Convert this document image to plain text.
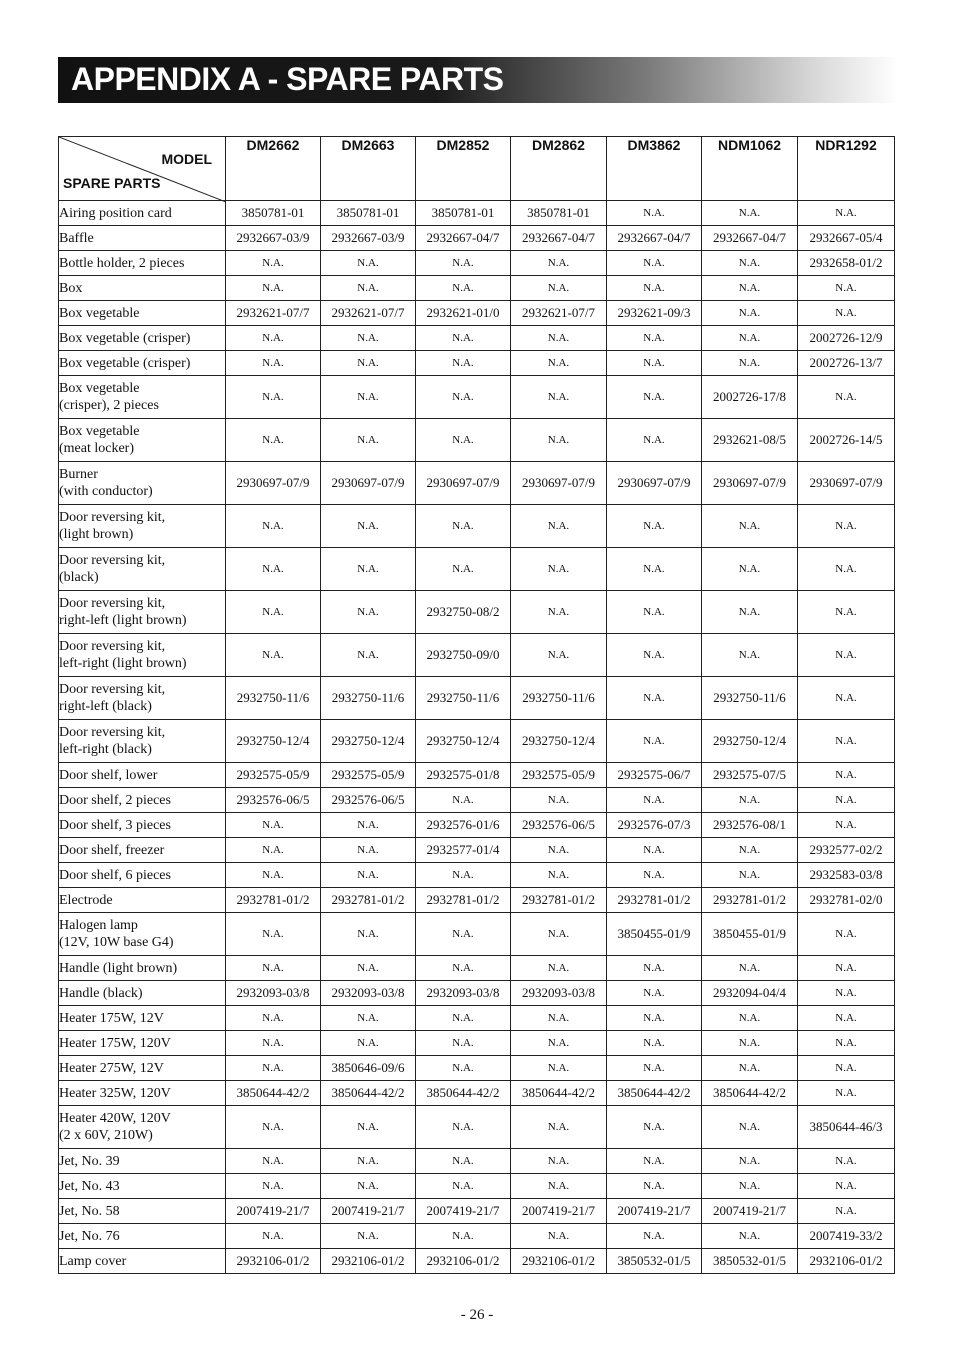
APPENDIX A - SPARE PARTS
MODEL
SPARE PARTS	DM2662	DM2663	DM2852	DM2862	DM3862	NDM1062	NDR1292

Airing position card	3850781-01	3850781-01	3850781-01	3850781-01	N.A.	N.A.	N.A.

Baffle	2932667-03/9	2932667-03/9	2932667-04/7	2932667-04/7	2932667-04/7	2932667-04/7	2932667-05/4

Bottle holder, 2 pieces	N.A.	N.A.	N.A.	N.A.	N.A.	N.A.	2932658-01/2

Box	N.A.	N.A.	N.A.	N.A.	N.A.	N.A.	N.A.

Box vegetable	2932621-07/7	2932621-07/7	2932621-01/0	2932621-07/7	2932621-09/3	N.A.	N.A.

Box vegetable (crisper)	N.A.	N.A.	N.A.	N.A.	N.A.	N.A.	2002726-12/9

Box vegetable (crisper)	N.A.	N.A.	N.A.	N.A.	N.A.	N.A.	2002726-13/7

Box vegetable
(crisper), 2 pieces	N.A.	N.A.	N.A.	N.A.	N.A.	2002726-17/8	N.A.

Box vegetable
(meat locker)	N.A.	N.A.	N.A.	N.A.	N.A.	2932621-08/5	2002726-14/5

Burner
(with conductor)	2930697-07/9	2930697-07/9	2930697-07/9	2930697-07/9	2930697-07/9	2930697-07/9	2930697-07/9

Door reversing kit,
(light brown)	N.A.	N.A.	N.A.	N.A.	N.A.	N.A.	N.A.

Door reversing kit,
(black)	N.A.	N.A.	N.A.	N.A.	N.A.	N.A.	N.A.

Door reversing kit,
right-left (light brown)	N.A.	N.A.	2932750-08/2	N.A.	N.A.	N.A.	N.A.

Door reversing kit,
left-right (light brown)	N.A.	N.A.	2932750-09/0	N.A.	N.A.	N.A.	N.A.

Door reversing kit,
right-left (black)	2932750-11/6	2932750-11/6	2932750-11/6	2932750-11/6	N.A.	2932750-11/6	N.A.

Door reversing kit,
left-right (black)	2932750-12/4	2932750-12/4	2932750-12/4	2932750-12/4	N.A.	2932750-12/4	N.A.

Door shelf, lower	2932575-05/9	2932575-05/9	2932575-01/8	2932575-05/9	2932575-06/7	2932575-07/5	N.A.

Door shelf, 2 pieces	2932576-06/5	2932576-06/5	N.A.	N.A.	N.A.	N.A.	N.A.

Door shelf, 3 pieces	N.A.	N.A.	2932576-01/6	2932576-06/5	2932576-07/3	2932576-08/1	N.A.

Door shelf, freezer	N.A.	N.A.	2932577-01/4	N.A.	N.A.	N.A.	2932577-02/2

Door shelf, 6 pieces	N.A.	N.A.	N.A.	N.A.	N.A.	N.A.	2932583-03/8

Electrode	2932781-01/2	2932781-01/2	2932781-01/2	2932781-01/2	2932781-01/2	2932781-01/2	2932781-02/0

Halogen lamp
(12V, 10W base G4)	N.A.	N.A.	N.A.	N.A.	3850455-01/9	3850455-01/9	N.A.

Handle (light brown)	N.A.	N.A.	N.A.	N.A.	N.A.	N.A.	N.A.

Handle (black)	2932093-03/8	2932093-03/8	2932093-03/8	2932093-03/8	N.A.	2932094-04/4	N.A.

Heater 175W, 12V	N.A.	N.A.	N.A.	N.A.	N.A.	N.A.	N.A.

Heater 175W, 120V	N.A.	N.A.	N.A.	N.A.	N.A.	N.A.	N.A.

Heater 275W, 12V	N.A.	3850646-09/6	N.A.	N.A.	N.A.	N.A.	N.A.

Heater 325W, 120V	3850644-42/2	3850644-42/2	3850644-42/2	3850644-42/2	3850644-42/2	3850644-42/2	N.A.

Heater 420W, 120V
(2 x 60V, 210W)	N.A.	N.A.	N.A.	N.A.	N.A.	N.A.	3850644-46/3

Jet, No. 39	N.A.	N.A.	N.A.	N.A.	N.A.	N.A.	N.A.

Jet, No. 43	N.A.	N.A.	N.A.	N.A.	N.A.	N.A.	N.A.

Jet, No. 58	2007419-21/7	2007419-21/7	2007419-21/7	2007419-21/7	2007419-21/7	2007419-21/7	N.A.

Jet, No. 76	N.A.	N.A.	N.A.	N.A.	N.A.	N.A.	2007419-33/2

Lamp cover	2932106-01/2	2932106-01/2	2932106-01/2	2932106-01/2	3850532-01/5	3850532-01/5	2932106-01/2
- 26 -
